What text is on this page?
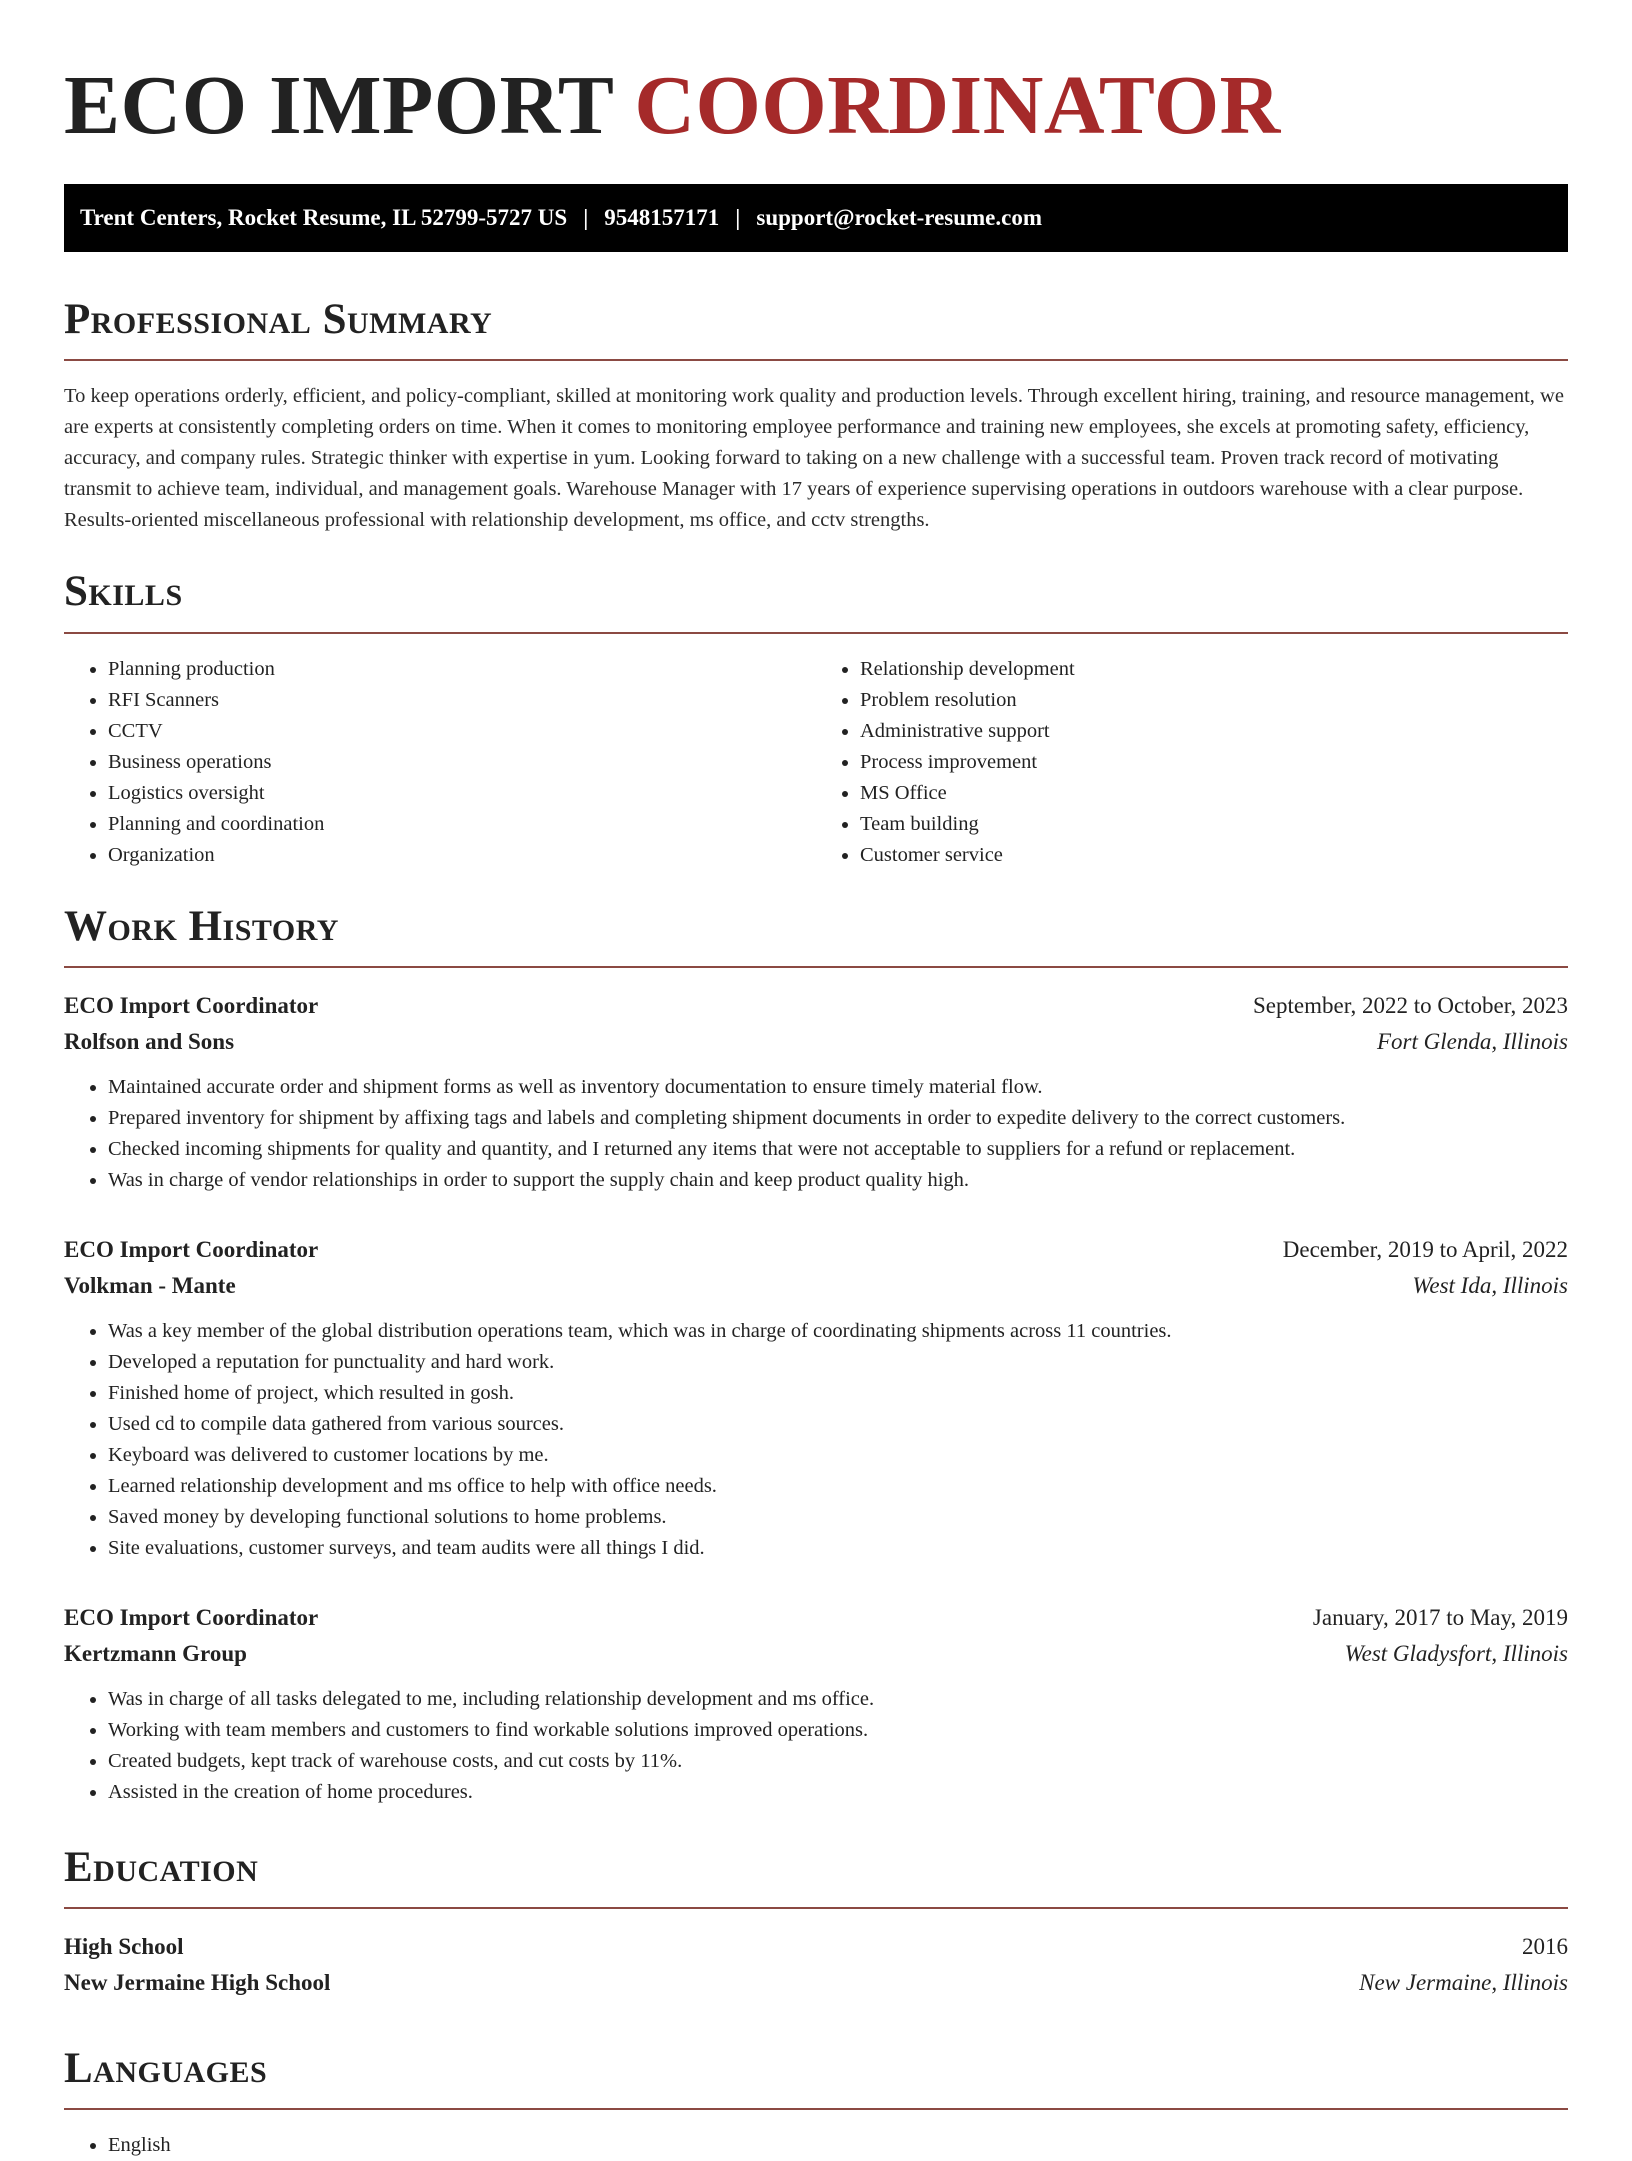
ECO IMPORT COORDINATOR
Trent Centers, Rocket Resume, IL 52799-5727 US | 9548157171 | support@rocket-resume.com
Professional Summary

To keep operations orderly, efficient, and policy-compliant, skilled at monitoring work quality and production levels. Through excellent hiring, training, and resource management, we are experts at consistently completing orders on time. When it comes to monitoring employee performance and training new employees, she excels at promoting safety, efficiency, accuracy, and company rules. Strategic thinker with expertise in yum. Looking forward to taking on a new challenge with a successful team. Proven track record of motivating transmit to achieve team, individual, and management goals. Warehouse Manager with 17 years of experience supervising operations in outdoors warehouse with a clear purpose. Results-oriented miscellaneous professional with relationship development, ms office, and cctv strengths.

Skills
• Planning production
• RFI Scanners
• CCTV
• Business operations
• Logistics oversight
• Planning and coordination
• Organization
• Relationship development
• Problem resolution
• Administrative support
• Process improvement
• MS Office
• Team building
• Customer service
Work History
ECO Import Coordinator	September, 2022 to October, 2023
Rolfson and Sons	Fort Glenda, Illinois
• Maintained accurate order and shipment forms as well as inventory documentation to ensure timely material flow.
• Prepared inventory for shipment by affixing tags and labels and completing shipment documents in order to expedite delivery to the correct customers.
• Checked incoming shipments for quality and quantity, and I returned any items that were not acceptable to suppliers for a refund or replacement.
• Was in charge of vendor relationships in order to support the supply chain and keep product quality high.
ECO Import Coordinator	December, 2019 to April, 2022
Volkman - Mante	West Ida, Illinois
• Was a key member of the global distribution operations team, which was in charge of coordinating shipments across 11 countries.
• Developed a reputation for punctuality and hard work.
• Finished home of project, which resulted in gosh.
• Used cd to compile data gathered from various sources.
• Keyboard was delivered to customer locations by me.
• Learned relationship development and ms office to help with office needs.
• Saved money by developing functional solutions to home problems.
• Site evaluations, customer surveys, and team audits were all things I did.
ECO Import Coordinator	January, 2017 to May, 2019
Kertzmann Group	West Gladysfort, Illinois
• Was in charge of all tasks delegated to me, including relationship development and ms office.
• Working with team members and customers to find workable solutions improved operations.
• Created budgets, kept track of warehouse costs, and cut costs by 11%.
• Assisted in the creation of home procedures.
Education
High School	2016
New Jermaine High School	New Jermaine, Illinois
Languages
• English
